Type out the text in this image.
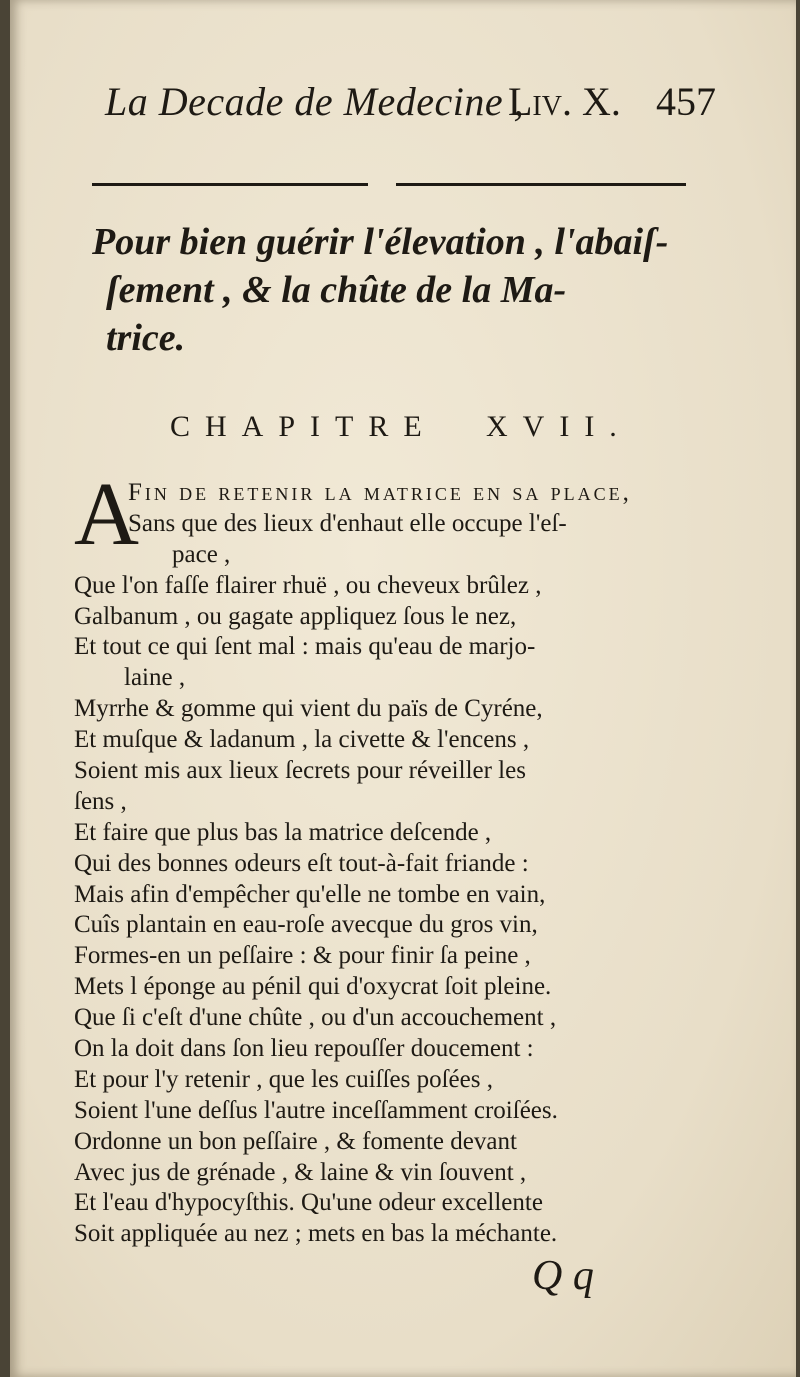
La Decade de Medecine ,
Liv. X. 457
Pour bien guérir l'élevation , l'abaiſ-
ſement , & la chûte de la Ma-
trice.
CHAPITRE XVII.
A
Fin de retenir la matrice en ſa place,
Sans que des lieux d'enhaut elle occupe l'eſ-
pace ,
Que l'on faſſe flairer rhuë , ou cheveux brûlez ,
Galbanum , ou gagate appliquez ſous le nez,
Et tout ce qui ſent mal : mais qu'eau de marjo-
laine ,
Myrrhe & gomme qui vient du païs de Cyréne,
Et muſque & ladanum , la civette & l'encens ,
Soient mis aux lieux ſecrets pour réveiller les
ſens ,
Et faire que plus bas la matrice deſcende ,
Qui des bonnes odeurs eſt tout-à-fait friande :
Mais afin d'empêcher qu'elle ne tombe en vain,
Cuîs plantain en eau-roſe avecque du gros vin,
Formes-en un peſſaire : & pour finir ſa peine ,
Mets l éponge au pénil qui d'oxycrat ſoit pleine.
Que ſi c'eſt d'une chûte , ou d'un accouchement ,
On la doit dans ſon lieu repouſſer doucement :
Et pour l'y retenir , que les cuiſſes poſées ,
Soient l'une deſſus l'autre inceſſamment croiſées.
Ordonne un bon peſſaire , & fomente devant
Avec jus de grénade , & laine & vin ſouvent ,
Et l'eau d'hypocyſthis. Qu'une odeur excellente
Soit appliquée au nez ; mets en bas la méchante.
Q q
